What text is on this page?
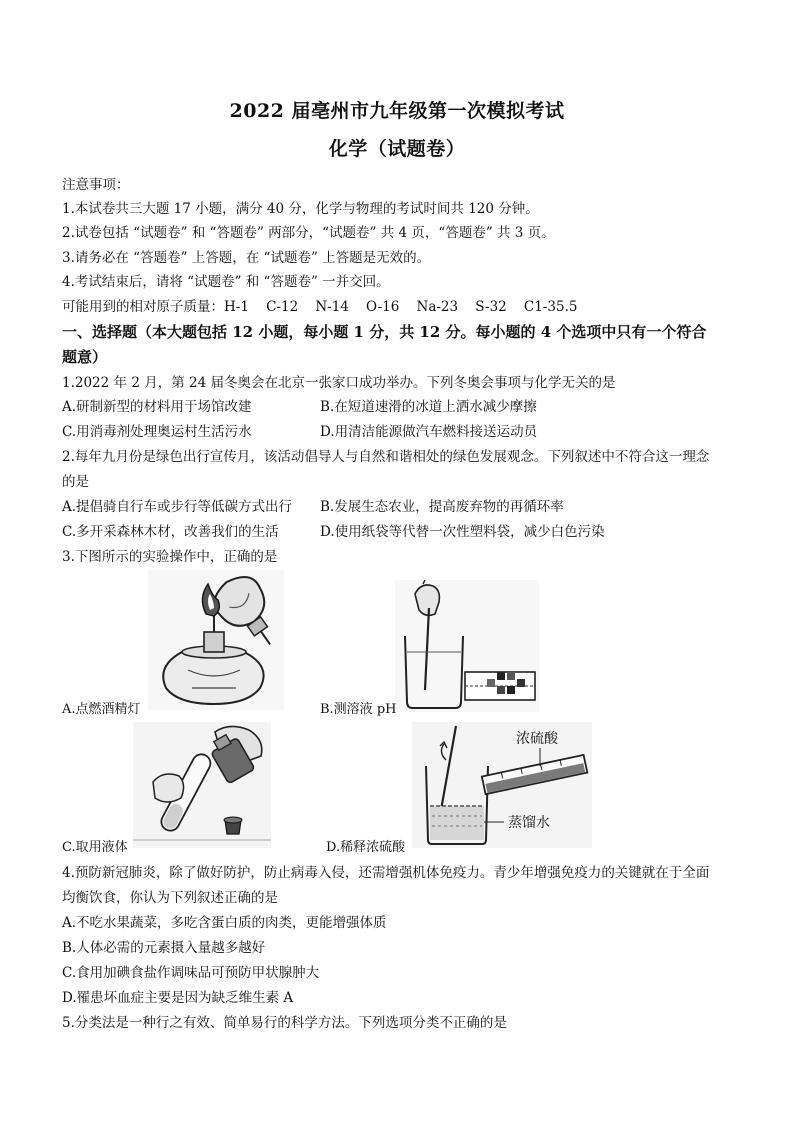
2022 届亳州市九年级第一次模拟考试
化学（试题卷）
注意事项：
1.本试卷共三大题 17 小题，满分 40 分，化学与物理的考试时间共 120 分钟。
2.试卷包括 “试题卷” 和 “答题卷” 两部分，“试题卷” 共 4 页，“答题卷” 共 3 页。
3.请务必在 “答题卷” 上答题，在 “试题卷” 上答题是无效的。
4.考试结束后，请将 “试题卷” 和 “答题卷” 一并交回。
可能用到的相对原子质量：H-1    C-12    N-14    O-16    Na-23    S-32    C1-35.5
一、选择题（本大题包括 12 小题，每小题 1 分，共 12 分。每小题的 4 个选项中只有一个符合
题意）
1.2022 年 2 月，第 24 届冬奥会在北京一张家口成功举办。下列冬奥会事项与化学无关的是
A.研制新型的材料用于场馆改建	B.在短道速滑的冰道上洒水减少摩擦
C.用消毒剂处理奥运村生活污水	D.用清洁能源做汽车燃料接送运动员
2.每年九月份是绿色出行宣传月，该活动倡导人与自然和谐相处的绿色发展观念。下列叙述中不符合这一理念
的是
A.提倡骑自行车或步行等低碳方式出行 B.发展生态农业，提高废弃物的再循环率
C.多开采森林木材，改善我们的生活	D.使用纸袋等代替一次性塑料袋，减少白色污染
3.下图所示的实验操作中，正确的是
A.点燃酒精灯	B.测溶液 pH
C.取用液体
浓硫酸
蒸馏水
D.稀释浓硫酸
4.预防新冠肺炎，除了做好防护，防止病毒入侵，还需增强机体免疫力。青少年增强免疫力的关键就在于全面
均衡饮食，你认为下列叙述正确的是
A.不吃水果蔬菜，多吃含蛋白质的肉类，更能增强体质
B.人体必需的元素摄入量越多越好
C.食用加碘食盐作调味品可预防甲状腺肿大
D.罹患坏血症主要是因为缺乏维生素 A
5.分类法是一种行之有效、简单易行的科学方法。下列选项分类不正确的是
